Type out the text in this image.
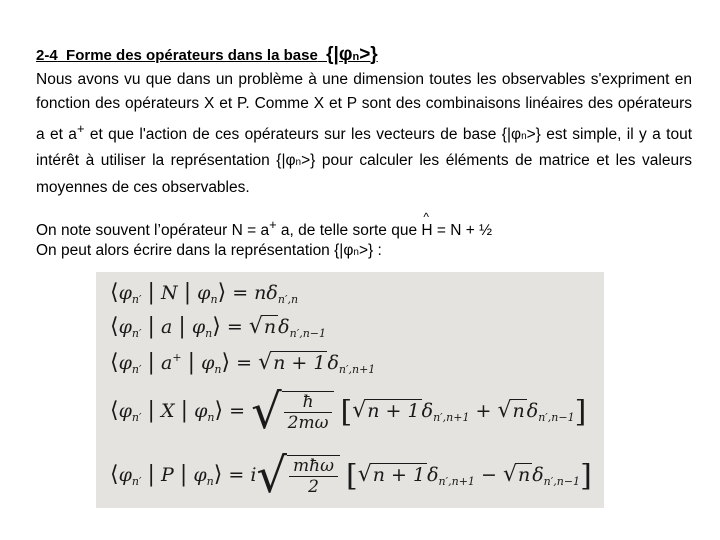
2-4 Forme des opérateurs dans la base {|φn>}
Nous avons vu que dans un problème à une dimension toutes les observables s'expriment en fonction des opérateurs X et P. Comme X et P sont des combinaisons linéaires des opérateurs a et a+ et que l'action de ces opérateurs sur les vecteurs de base {|φn>} est simple, il y a tout intérêt à utiliser la représentation {|φn>} pour calculer les éléments de matrice et les valeurs moyennes de ces observables.
On note souvent l’opérateur N = a+ a, de telle sorte que ^ H = N + ½
On peut alors écrire dans la représentation {|φn>} :
$⟨\varphi_{n'}$ | N | $\varphi_n⟩ = n\delta_{n',n}$
$⟨\varphi_{n'}$ | a | $\varphi_n⟩ = √n$ $\delta_{n',n-1}$
$⟨\varphi_{n'}$ | a+ | $\varphi_n⟩ = √n + 1$ $\delta_{n',n+1}$
$⟨\varphi_{n'}$ | X | $\varphi_n⟩$ = √ $\frac{ħ}{2m\omega} [√n + 1$ $\delta_{n',n+1} + √n$ $\delta_{n',n-1}$]
$⟨\varphi_{n'}$ | P | $\varphi_n⟩ = i√ \frac{\text{mħω}}{2} [√n + 1$ $\delta_{n',n+1} - √n$ $\delta_{n',n-1}$]
